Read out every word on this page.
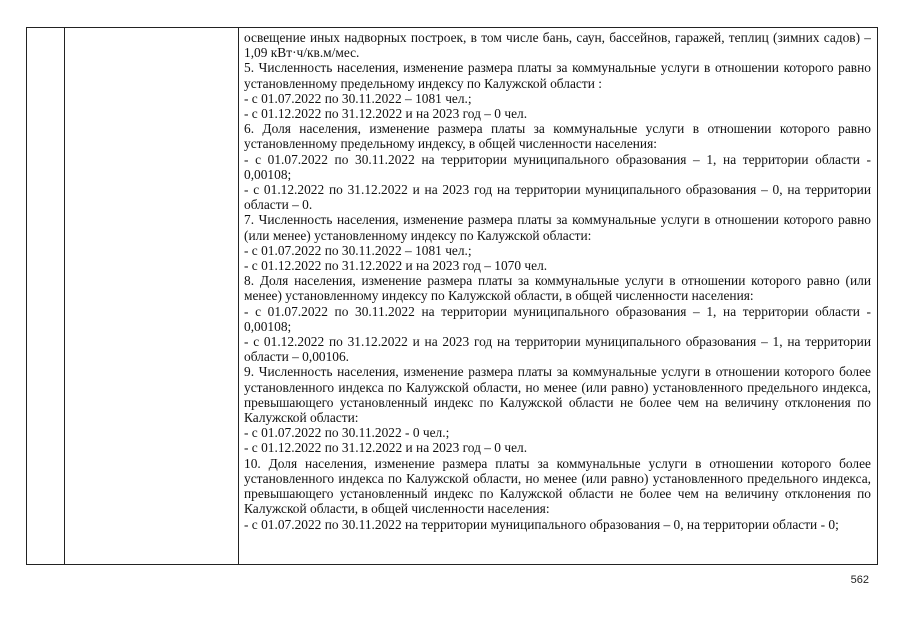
освещение иных надворных построек, в том числе бань, саун, бассейнов, гаражей, теплиц (зимних садов) – 1,09 кВт·ч/кв.м/мес.

5. Численность населения, изменение размера платы за коммунальные услуги в отношении которого равно установленному предельному индексу по Калужской области :

- с 01.07.2022 по 30.11.2022 – 1081 чел.;

- с 01.12.2022 по 31.12.2022 и на 2023 год – 0 чел.

6. Доля населения, изменение размера платы за коммунальные услуги в отношении которого равно установленному предельному индексу, в общей численности населения:

- с 01.07.2022 по 30.11.2022 на территории муниципального образования – 1, на территории области - 0,00108;

- с 01.12.2022 по 31.12.2022 и на 2023 год на территории муниципального образования – 0, на территории области – 0.

7. Численность населения, изменение размера платы за коммунальные услуги в отношении которого равно (или менее) установленному индексу по Калужской области:

- с 01.07.2022 по 30.11.2022 – 1081 чел.;

- с 01.12.2022 по 31.12.2022 и на 2023 год – 1070 чел.

8. Доля населения, изменение размера платы за коммунальные услуги в отношении которого равно (или менее) установленному индексу по Калужской области, в общей численности населения:

- с 01.07.2022 по 30.11.2022 на территории муниципального образования – 1, на территории области - 0,00108;

- с 01.12.2022 по 31.12.2022 и на 2023 год на территории муниципального образования – 1, на территории области – 0,00106.

9. Численность населения, изменение размера платы за коммунальные услуги в отношении которого более установленного индекса по Калужской области, но менее (или равно) установленного предельного индекса, превышающего установленный индекс по Калужской области не более чем на величину отклонения по Калужской области:

- с 01.07.2022 по 30.11.2022 - 0 чел.;

- с 01.12.2022 по 31.12.2022 и на 2023 год – 0 чел.

10. Доля населения, изменение размера платы за коммунальные услуги в отношении которого более установленного индекса по Калужской области, но менее (или равно) установленного предельного индекса, превышающего установленный индекс по Калужской области не более чем на величину отклонения по Калужской области, в общей численности населения:

- с 01.07.2022 по 30.11.2022 на территории муниципального образования – 0, на территории области - 0;

562
